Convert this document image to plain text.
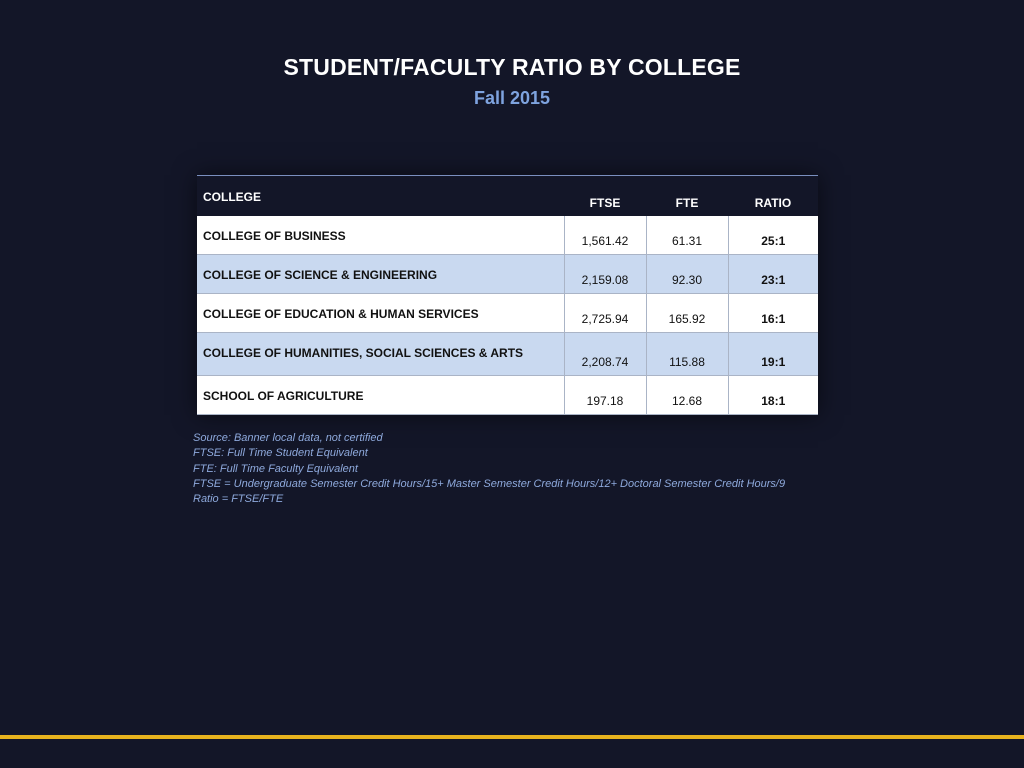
STUDENT/FACULTY RATIO BY COLLEGE
Fall 2015
COLLEGE	FTSE	FTE	RATIO
COLLEGE OF BUSINESS	1,561.42	61.31	25:1
COLLEGE OF SCIENCE & ENGINEERING	2,159.08	92.30	23:1
COLLEGE OF EDUCATION & HUMAN SERVICES	2,725.94	165.92	16:1
COLLEGE OF HUMANITIES, SOCIAL SCIENCES & ARTS	2,208.74	115.88	19:1
SCHOOL OF AGRICULTURE	197.18	12.68	18:1
Source: Banner local data, not certified
FTSE: Full Time Student Equivalent
FTE: Full Time Faculty Equivalent
FTSE = Undergraduate Semester Credit Hours/15+ Master Semester Credit Hours/12+ Doctoral Semester Credit Hours/9
Ratio = FTSE/FTE
